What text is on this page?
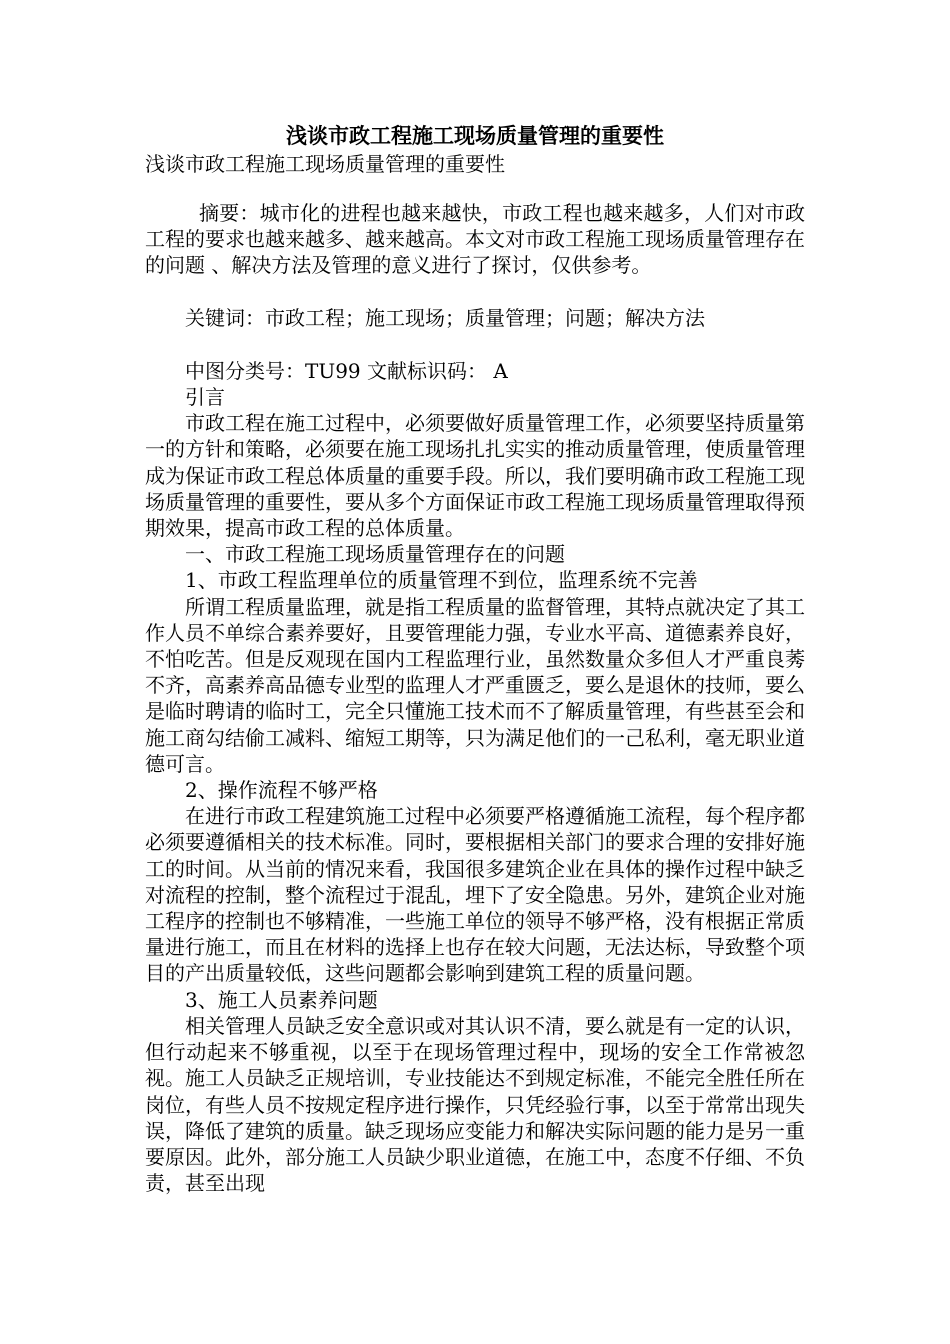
浅谈市政工程施工现场质量管理的重要性
浅谈市政工程施工现场质量管理的重要性

摘要：城市化的进程也越来越快，市政工程也越来越多，人们对市政工程的要求也越来越多、越来越高。本文对市政工程施工现场质量管理存在的问题 、解决方法及管理的意义进行了探讨，仅供参考。

关键词：市政工程；施工现场；质量管理；问题；解决方法

中图分类号：TU99 文献标识码： A

引言

市政工程在施工过程中，必须要做好质量管理工作，必须要坚持质量第一的方针和策略，必须要在施工现场扎扎实实的推动质量管理，使质量管理成为保证市政工程总体质量的重要手段。所以，我们要明确市政工程施工现场质量管理的重要性，要从多个方面保证市政工程施工现场质量管理取得预期效果，提高市政工程的总体质量。

一、市政工程施工现场质量管理存在的问题

1、市政工程监理单位的质量管理不到位，监理系统不完善

所谓工程质量监理，就是指工程质量的监督管理，其特点就决定了其工作人员不单综合素养要好，且要管理能力强，专业水平高、道德素养良好，不怕吃苦。但是反观现在国内工程监理行业，虽然数量众多但人才严重良莠不齐，高素养高品德专业型的监理人才严重匮乏，要么是退休的技师，要么是临时聘请的临时工，完全只懂施工技术而不了解质量管理，有些甚至会和施工商勾结偷工减料、缩短工期等，只为满足他们的一己私利，毫无职业道德可言。

2、操作流程不够严格

在进行市政工程建筑施工过程中必须要严格遵循施工流程，每个程序都必须要遵循相关的技术标准。同时，要根据相关部门的要求合理的安排好施工的时间。从当前的情况来看，我国很多建筑企业在具体的操作过程中缺乏对流程的控制，整个流程过于混乱，埋下了安全隐患。另外，建筑企业对施工程序的控制也不够精准，一些施工单位的领导不够严格，没有根据正常质量进行施工，而且在材料的选择上也存在较大问题，无法达标，导致整个项目的产出质量较低，这些问题都会影响到建筑工程的质量问题。

3、施工人员素养问题

相关管理人员缺乏安全意识或对其认识不清，要么就是有一定的认识，但行动起来不够重视，以至于在现场管理过程中，现场的安全工作常被忽视。施工人员缺乏正规培训，专业技能达不到规定标准，不能完全胜任所在岗位，有些人员不按规定程序进行操作，只凭经验行事，以至于常常出现失误，降低了建筑的质量。缺乏现场应变能力和解决实际问题的能力是另一重要原因。此外，部分施工人员缺少职业道德，在施工中，态度不仔细、不负责，甚至出现
